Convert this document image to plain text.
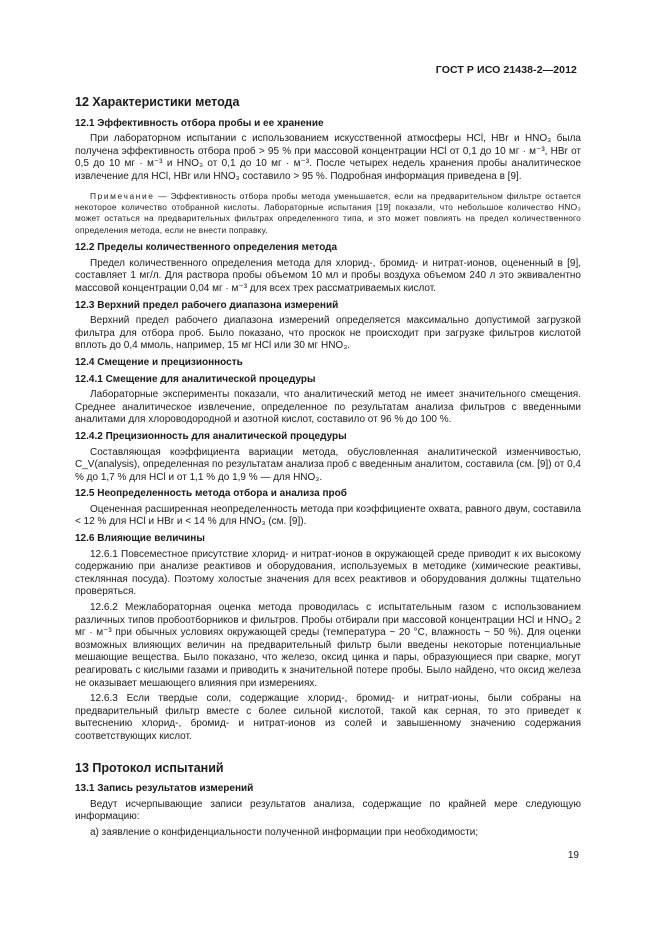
ГОСТ Р ИСО 21438-2—2012
12 Характеристики метода
12.1 Эффективность отбора пробы и ее хранение

При лабораторном испытании с использованием искусственной атмосферы HCl, HBr и HNO₃ была получена эффективность отбора проб > 95 % при массовой концентрации HCl от 0,1 до 10 мг · м⁻³, HBr от 0,5 до 10 мг · м⁻³ и HNO₃ от 0,1 до 10 мг · м⁻³. После четырех недель хранения пробы аналитическое извлечение для HCl, HBr или HNO₃ составило > 95 %. Подробная информация приведена в [9].

Примечание — Эффективность отбора пробы метода уменьшается, если на предварительном фильтре остается некоторое количество отобранной кислоты. Лабораторные испытания [19] показали, что небольшое количество HNO₃ может остаться на предварительных фильтрах определенного типа, и это может повлиять на предел количественного определения метода, если не внести поправку.

12.2 Пределы количественного определения метода

Предел количественного определения метода для хлорид-, бромид- и нитрат-ионов, оцененный в [9], составляет 1 мг/л. Для раствора пробы объемом 10 мл и пробы воздуха объемом 240 л это эквивалентно массовой концентрации 0,04 мг · м⁻³ для всех трех рассматриваемых кислот.

12.3 Верхний предел рабочего диапазона измерений

Верхний предел рабочего диапазона измерений определяется максимально допустимой загрузкой фильтра для отбора проб. Было показано, что проскок не происходит при загрузке фильтров кислотой вплоть до 0,4 ммоль, например, 15 мг HCl или 30 мг HNO₃.

12.4 Смещение и прецизионность
12.4.1 Смещение для аналитической процедуры

Лабораторные эксперименты показали, что аналитический метод не имеет значительного смещения. Среднее аналитическое извлечение, определенное по результатам анализа фильтров с введенными аналитами для хлороводородной и азотной кислот, составило от 96 % до 100 %.

12.4.2 Прецизионность для аналитической процедуры

Составляющая коэффициента вариации метода, обусловленная аналитической изменчивостью, C_V(analysis), определенная по результатам анализа проб с введенным аналитом, составила (см. [9]) от 0,4 % до 1,7 % для HCl и от 1,1 % до 1,9 % — для HNO₃.

12.5 Неопределенность метода отбора и анализа проб

Оцененная расширенная неопределенность метода при коэффициенте охвата, равного двум, составила < 12 % для HCl и HBr и < 14 % для HNO₃ (см. [9]).

12.6 Влияющие величины

12.6.1 Повсеместное присутствие хлорид- и нитрат-ионов в окружающей среде приводит к их высокому содержанию при анализе реактивов и оборудования, используемых в методике (химические реактивы, стеклянная посуда). Поэтому холостые значения для всех реактивов и оборудования должны тщательно проверяться.

12.6.2 Межлабораторная оценка метода проводилась с испытательным газом с использованием различных типов пробоотборников и фильтров. Пробы отбирали при массовой концентрации HCl и HNO₃ 2 мг · м⁻³ при обычных условиях окружающей среды (температура ~ 20 °C, влажность ~ 50 %). Для оценки возможных влияющих величин на предварительный фильтр были введены некоторые потенциальные мешающие вещества. Было показано, что железо, оксид цинка и пары, образующиеся при сварке, могут реагировать с кислыми газами и приводить к значительной потере пробы. Было найдено, что оксид железа не оказывает мешающего влияния при измерениях.

12.6.3 Если твердые соли, содержащие хлорид-, бромид- и нитрат-ионы, были собраны на предварительный фильтр вместе с более сильной кислотой, такой как серная, то это приведет к вытеснению хлорид-, бромид- и нитрат-ионов из солей и завышенному значению содержания соответствующих кислот.

13 Протокол испытаний
13.1 Запись результатов измерений

Ведут исчерпывающие записи результатов анализа, содержащие по крайней мере следующую информацию:

а) заявление о конфиденциальности полученной информации при необходимости;

19
